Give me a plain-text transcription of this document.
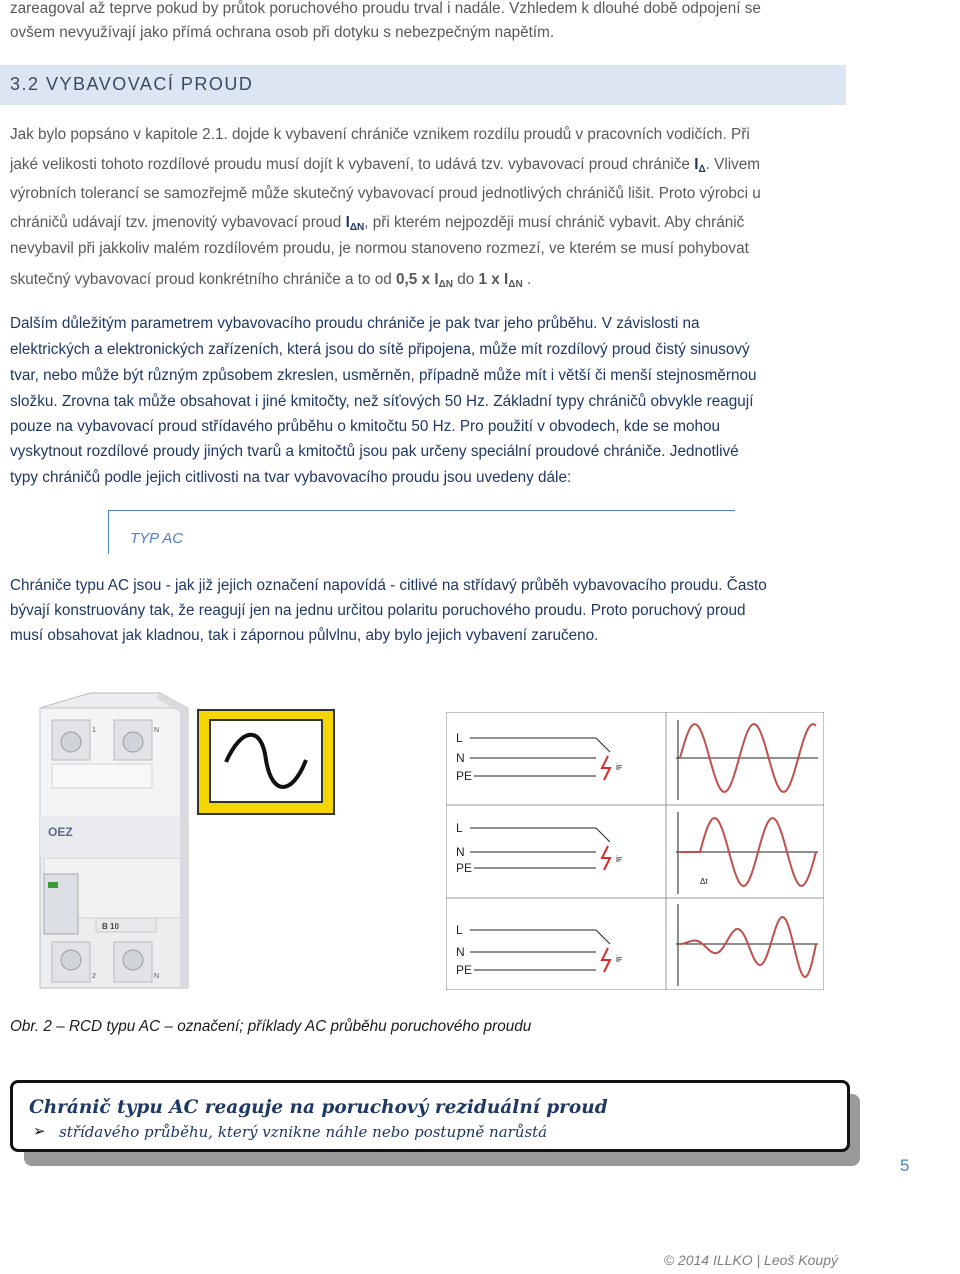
zareagoval až teprve pokud by průtok poruchového proudu trval i nadále. Vzhledem k dlouhé době odpojení se
ovšem nevyužívají jako přímá ochrana osob při dotyku s nebezpečným napětím.
3.2 VYBAVOVACÍ PROUD
Jak bylo popsáno v kapitole 2.1. dojde k vybavení chrániče vznikem rozdílu proudů v pracovních vodičích. Při
jaké velikosti tohoto rozdílové proudu musí dojít k vybavení, to udává tzv. vybavovací proud chrániče $I_\Delta$. Vlivem
výrobních tolerancí se samozřejmě může skutečný vybavovací proud jednotlivých chráničů lišit. Proto výrobci u
chráničů udávají tzv. jmenovitý vybavovací proud $I_{\Delta N}$, při kterém nejpozději musí chránič vybavit. Aby chránič
nevybavil při jakkoliv malém rozdílovém proudu, je normou stanoveno rozmezí, ve kterém se musí pohybovat
skutečný vybavovací proud konkrétního chrániče a to od 0,5 x $I_{\Delta N}$ do 1 x $I_{\Delta N}$ .
Dalším důležitým parametrem vybavovacího proudu chrániče je pak tvar jeho průběhu. V závislosti na
elektrických a elektronických zařízeních, která jsou do sítě připojena, může mít rozdílový proud čistý sinusový
tvar, nebo může být různým způsobem zkreslen, usměrněn, případně může mít i větší či menší stejnosměrnou
složku. Zrovna tak může obsahovat i jiné kmitočty, než síťových 50 Hz. Základní typy chráničů obvykle reagují
pouze na vybavovací proud střídavého průběhu o kmitočtu 50 Hz. Pro použití v obvodech, kde se mohou
vyskytnout rozdílové proudy jiných tvarů a kmitočtů jsou pak určeny speciální proudové chrániče. Jednotlivé
typy chráničů podle jejich citlivosti na tvar vybavovacího proudu jsou uvedeny dále:
TYP AC
Chrániče typu AC jsou - jak již jejich označení napovídá - citlivé na střídavý průběh vybavovacího proudu. Často
bývají konstruovány tak, že reagují jen na jednu určitou polaritu poruchového proudu. Proto poruchový proud
musí obsahovat jak kladnou, tak i zápornou půlvlnu, aby bylo jejich vybavení zaručeno.
1	N
OEZ
B 10
2	N
L
N
PE
iF
L
N
PE
iF
Δt
L
N
PE
iF
Obr. 2 – RCD typu AC – označení; příklady AC průběhu poruchového proudu
Chránič typu AC reaguje na poruchový reziduální proud
➢ střídavého průběhu, který vznikne náhle nebo postupně narůstá
5
© 2014 ILLKO | Leoš Koupý
